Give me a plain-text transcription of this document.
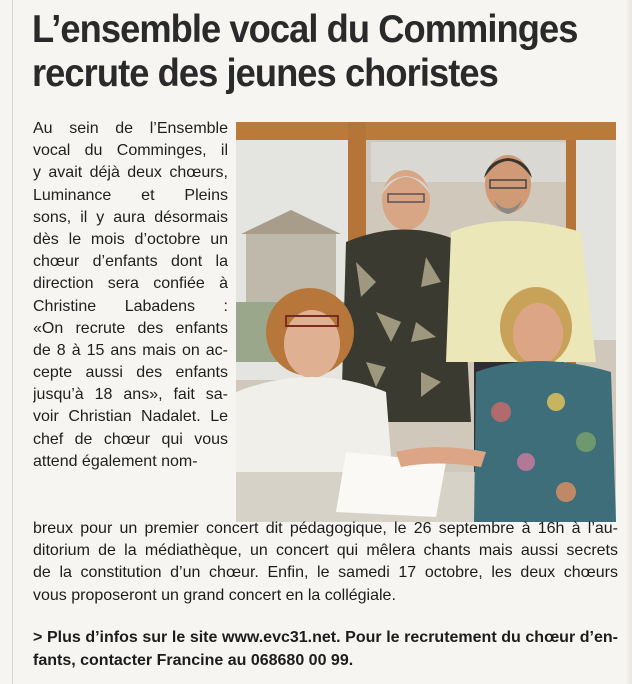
L’ensemble vocal du Comminges
recrute des jeunes choristes
Au sein de l’Ensemble
vocal du Comminges, il
y avait déjà deux chœurs,
Luminance et Pleins
sons, il y aura désormais
dès le mois d’octobre un
chœur d’enfants dont la
direction sera confiée à
Christine Labadens :
«On recrute des enfants
de 8 à 15 ans mais on ac-
cepte aussi des enfants
jusqu’à 18 ans», fait sa-
voir Christian Nadalet. Le
chef de chœur qui vous
attend également nom-
breux pour un premier concert dit pédagogique, le 26 septembre à 16h à l’au-
ditorium de la médiathèque, un concert qui mêlera chants mais aussi secrets
de la constitution d’un chœur. Enfin, le samedi 17 octobre, les deux chœurs
vous proposeront un grand concert en la collégiale.
> Plus d’infos sur le site www.evc31.net. Pour le recrutement du chœur d’en-
fants, contacter Francine au 068680 00 99.
